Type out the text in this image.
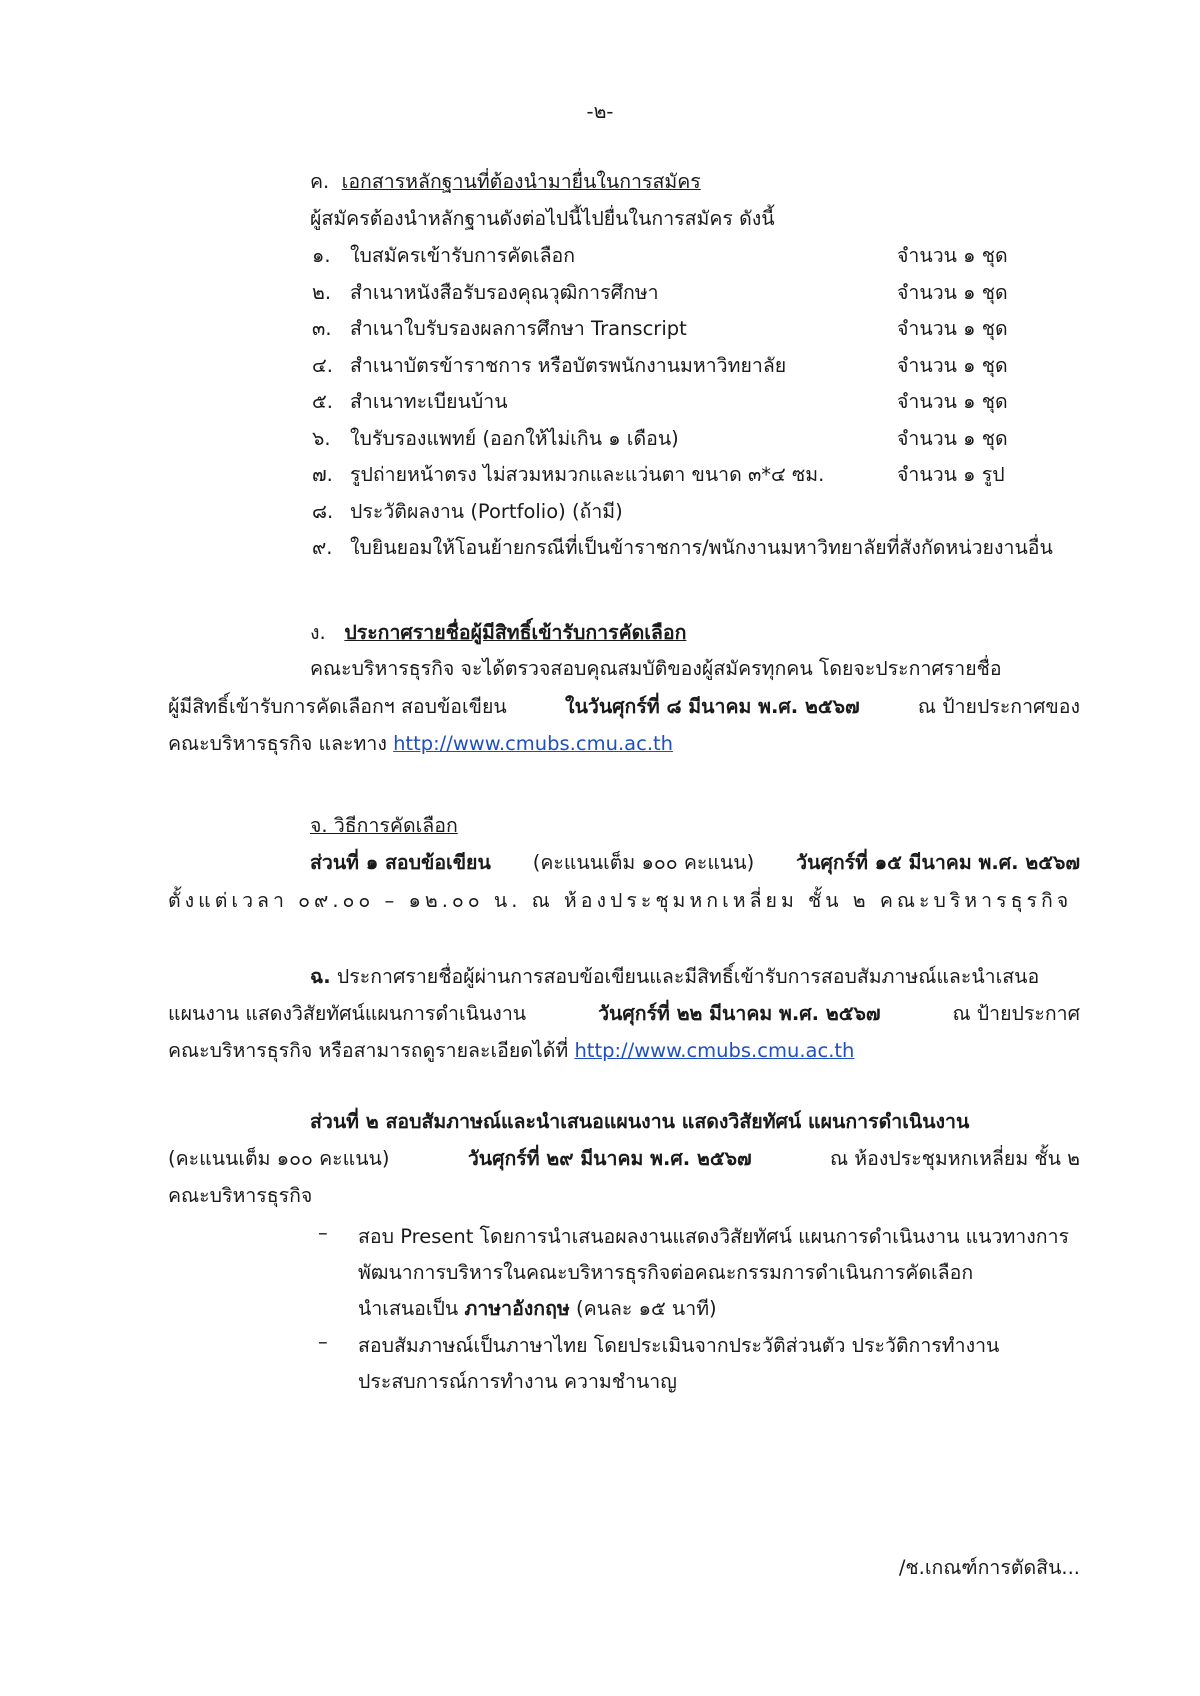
-๒-
ค. เอกสารหลักฐานที่ต้องนำมายื่นในการสมัคร
ผู้สมัครต้องนำหลักฐานดังต่อไปนี้ไปยื่นในการสมัคร ดังนี้
๑. ใบสมัครเข้ารับการคัดเลือก	จำนวน ๑ ชุด
๒. สำเนาหนังสือรับรองคุณวุฒิการศึกษา	จำนวน ๑ ชุด
๓. สำเนาใบรับรองผลการศึกษา Transcript	จำนวน ๑ ชุด
๔. สำเนาบัตรข้าราชการ หรือบัตรพนักงานมหาวิทยาลัย	จำนวน ๑ ชุด
๕. สำเนาทะเบียนบ้าน	จำนวน ๑ ชุด
๖. ใบรับรองแพทย์ (ออกให้ไม่เกิน ๑ เดือน)	จำนวน ๑ ชุด
๗. รูปถ่ายหน้าตรง ไม่สวมหมวกและแว่นตา ขนาด ๓*๔ ซม.	จำนวน ๑ รูป
๘. ประวัติผลงาน (Portfolio) (ถ้ามี)
๙. ใบยินยอมให้โอนย้ายกรณีที่เป็นข้าราชการ/พนักงานมหาวิทยาลัยที่สังกัดหน่วยงานอื่น
ง. ประกาศรายชื่อผู้มีสิทธิ์เข้ารับการคัดเลือก
คณะบริหารธุรกิจ จะได้ตรวจสอบคุณสมบัติของผู้สมัครทุกคน โดยจะประกาศรายชื่อ
ผู้มีสิทธิ์เข้ารับการคัดเลือกฯ สอบข้อเขียน	ในวันศุกร์ที่ ๘ มีนาคม พ.ศ. ๒๕๖๗	ณ ป้ายประกาศของ
คณะบริหารธุรกิจ และทาง http://www.cmubs.cmu.ac.th
จ. วิธีการคัดเลือก
ส่วนที่ ๑ สอบข้อเขียน (คะแนนเต็ม ๑๐๐ คะแนน) วันศุกร์ที่ ๑๕ มีนาคม พ.ศ. ๒๕๖๗
ตั้งแต่เวลา ๐๙.๐๐ – ๑๒.๐๐ น. ณ ห้องประชุมหกเหลี่ยม ชั้น ๒ คณะบริหารธุรกิจ
ฉ. ประกาศรายชื่อผู้ผ่านการสอบข้อเขียนและมีสิทธิ์เข้ารับการสอบสัมภาษณ์และนำเสนอ
แผนงาน แสดงวิสัยทัศน์แผนการดำเนินงาน	วันศุกร์ที่ ๒๒ มีนาคม พ.ศ. ๒๕๖๗	ณ ป้ายประกาศ
คณะบริหารธุรกิจ หรือสามารถดูรายละเอียดได้ที่ http://www.cmubs.cmu.ac.th
ส่วนที่ ๒ สอบสัมภาษณ์และนำเสนอแผนงาน แสดงวิสัยทัศน์ แผนการดำเนินงาน
(คะแนนเต็ม ๑๐๐ คะแนน)	วันศุกร์ที่ ๒๙ มีนาคม พ.ศ. ๒๕๖๗	ณ ห้องประชุมหกเหลี่ยม ชั้น ๒
คณะบริหารธุรกิจ
– สอบ Present โดยการนำเสนอผลงานแสดงวิสัยทัศน์ แผนการดำเนินงาน แนวทางการ
พัฒนาการบริหารในคณะบริหารธุรกิจต่อคณะกรรมการดำเนินการคัดเลือก
นำเสนอเป็น ภาษาอังกฤษ (คนละ ๑๕ นาที)
– สอบสัมภาษณ์เป็นภาษาไทย โดยประเมินจากประวัติส่วนตัว ประวัติการทำงาน
ประสบการณ์การทำงาน ความชำนาญ
/ช.เกณฑ์การตัดสิน...
